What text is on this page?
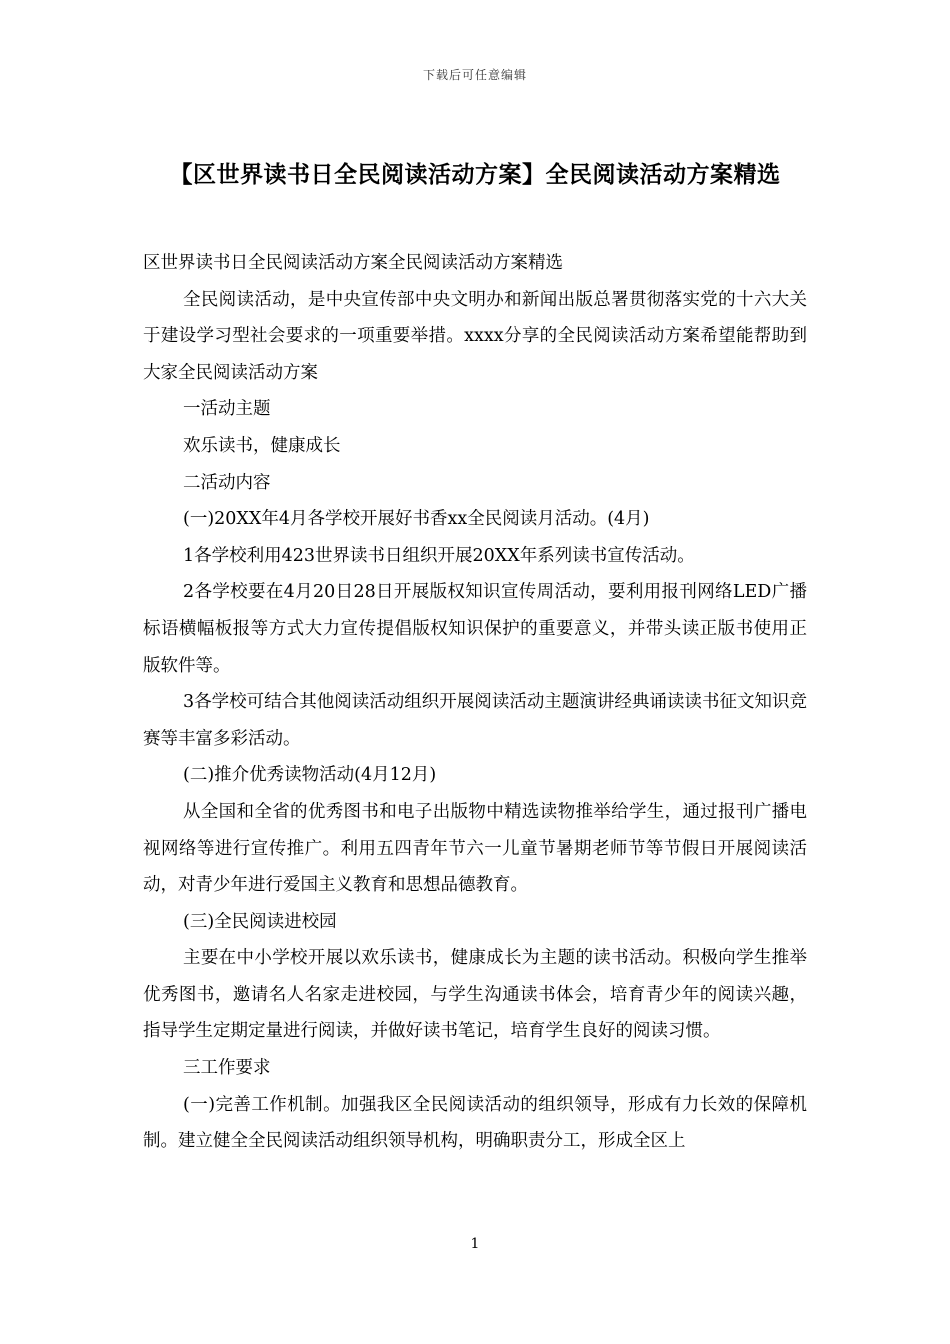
下载后可任意编辑
【区世界读书日全民阅读活动方案】全民阅读活动方案精选

区世界读书日全民阅读活动方案全民阅读活动方案精选

全民阅读活动，是中央宣传部中央文明办和新闻出版总署贯彻落实党的十六大关于建设学习型社会要求的一项重要举措。xxxx分享的全民阅读活动方案希望能帮助到大家全民阅读活动方案

一活动主题

欢乐读书，健康成长

二活动内容

(一)20XX年4月各学校开展好书香xx全民阅读月活动。(4月)

1各学校利用423世界读书日组织开展20XX年系列读书宣传活动。

2各学校要在4月20日28日开展版权知识宣传周活动，要利用报刊网络LED广播标语横幅板报等方式大力宣传提倡版权知识保护的重要意义，并带头读正版书使用正版软件等。

3各学校可结合其他阅读活动组织开展阅读活动主题演讲经典诵读读书征文知识竞赛等丰富多彩活动。

(二)推介优秀读物活动(4月12月)

从全国和全省的优秀图书和电子出版物中精选读物推举给学生，通过报刊广播电视网络等进行宣传推广。利用五四青年节六一儿童节暑期老师节等节假日开展阅读活动，对青少年进行爱国主义教育和思想品德教育。

(三)全民阅读进校园

主要在中小学校开展以欢乐读书，健康成长为主题的读书活动。积极向学生推举优秀图书，邀请名人名家走进校园，与学生沟通读书体会，培育青少年的阅读兴趣，指导学生定期定量进行阅读，并做好读书笔记，培育学生良好的阅读习惯。

三工作要求

(一)完善工作机制。加强我区全民阅读活动的组织领导，形成有力长效的保障机制。建立健全全民阅读活动组织领导机构，明确职责分工，形成全区上

1
